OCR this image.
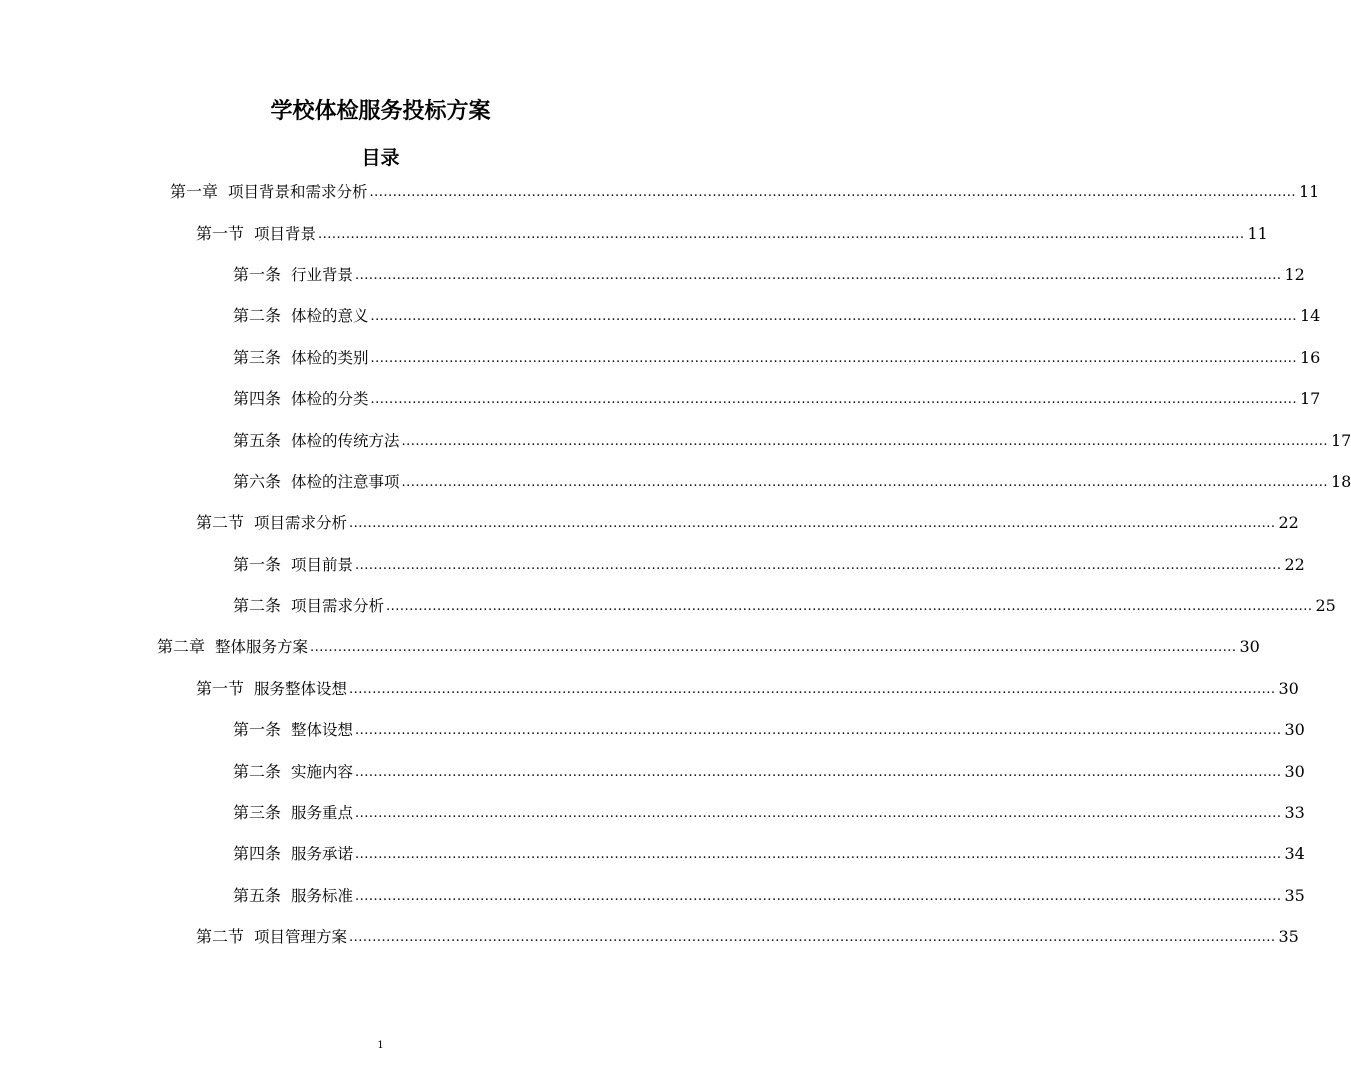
学校体检服务投标方案
目录
第一章 项目背景和需求分析 ........................................................................................................................................................................................................ 11
第一节 项目背景 ........................................................................................................................................................................................................ 11
第一条 行业背景 ........................................................................................................................................................................................................ 12
第二条 体检的意义 ........................................................................................................................................................................................................ 14
第三条 体检的类别 ........................................................................................................................................................................................................ 16
第四条 体检的分类 ........................................................................................................................................................................................................ 17
第五条 体检的传统方法 ........................................................................................................................................................................................................ 17
第六条 体检的注意事项 ........................................................................................................................................................................................................ 18
第二节 项目需求分析 ........................................................................................................................................................................................................ 22
第一条 项目前景 ........................................................................................................................................................................................................ 22
第二条 项目需求分析 ........................................................................................................................................................................................................ 25
第二章 整体服务方案 ........................................................................................................................................................................................................ 30
第一节 服务整体设想 ........................................................................................................................................................................................................ 30
第一条 整体设想 ........................................................................................................................................................................................................ 30
第二条 实施内容 ........................................................................................................................................................................................................ 30
第三条 服务重点 ........................................................................................................................................................................................................ 33
第四条 服务承诺 ........................................................................................................................................................................................................ 34
第五条 服务标准 ........................................................................................................................................................................................................ 35
第二节 项目管理方案 ........................................................................................................................................................................................................ 35

1
